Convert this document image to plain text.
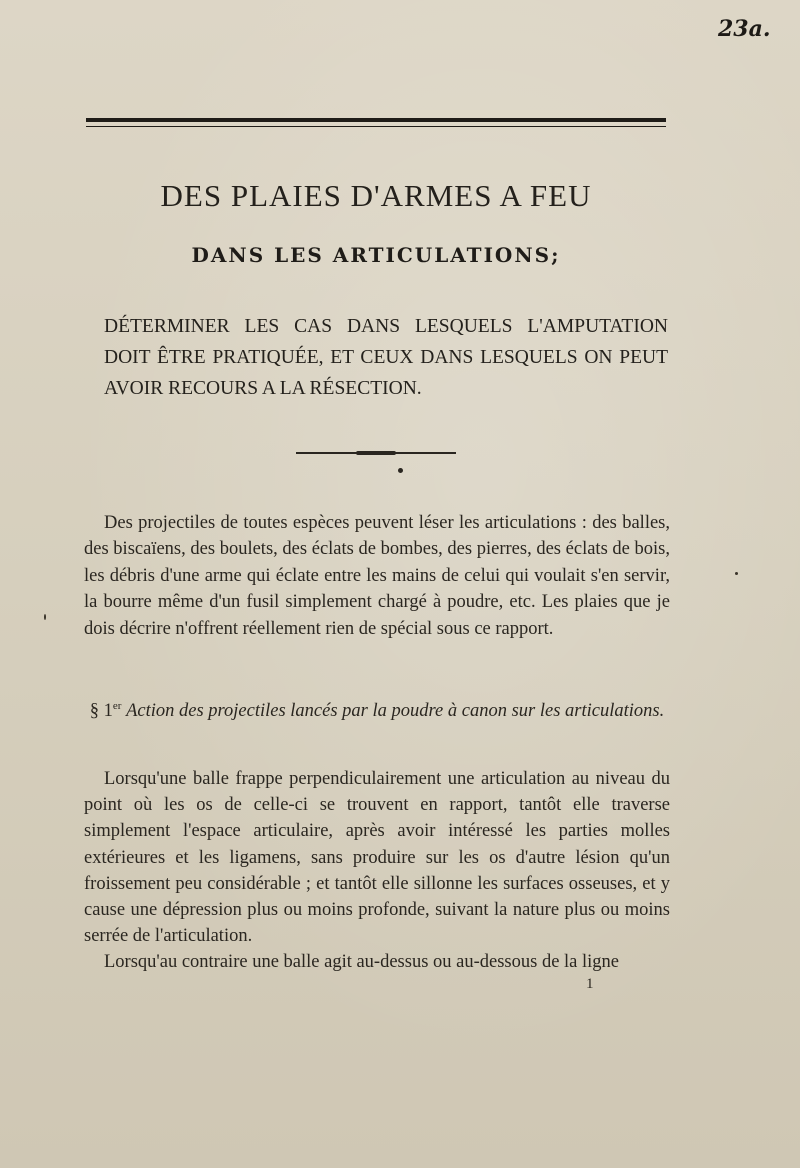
23a.
DES PLAIES D'ARMES A FEU
DANS LES ARTICULATIONS;
DÉTERMINER LES CAS DANS LESQUELS L'AMPUTATION DOIT ÊTRE PRATIQUÉE, ET CEUX DANS LESQUELS ON PEUT AVOIR RECOURS A LA RÉSECTION.
Des projectiles de toutes espèces peuvent léser les articulations : des balles, des biscaïens, des boulets, des éclats de bombes, des pierres, des éclats de bois, les débris d'une arme qui éclate entre les mains de celui qui voulait s'en servir, la bourre même d'un fusil simplement chargé à poudre, etc. Les plaies que je dois décrire n'offrent réellement rien de spécial sous ce rapport.
§ 1er Action des projectiles lancés par la poudre à canon sur les articulations.
Lorsqu'une balle frappe perpendiculairement une articulation au niveau du point où les os de celle-ci se trouvent en rapport, tantôt elle traverse simplement l'espace articulaire, après avoir intéressé les parties molles extérieures et les ligamens, sans produire sur les os d'autre lésion qu'un froissement peu considérable ; et tantôt elle sillonne les surfaces osseuses, et y cause une dépression plus ou moins profonde, suivant la nature plus ou moins serrée de l'articulation.
Lorsqu'au contraire une balle agit au-dessus ou au-dessous de la ligne
1
